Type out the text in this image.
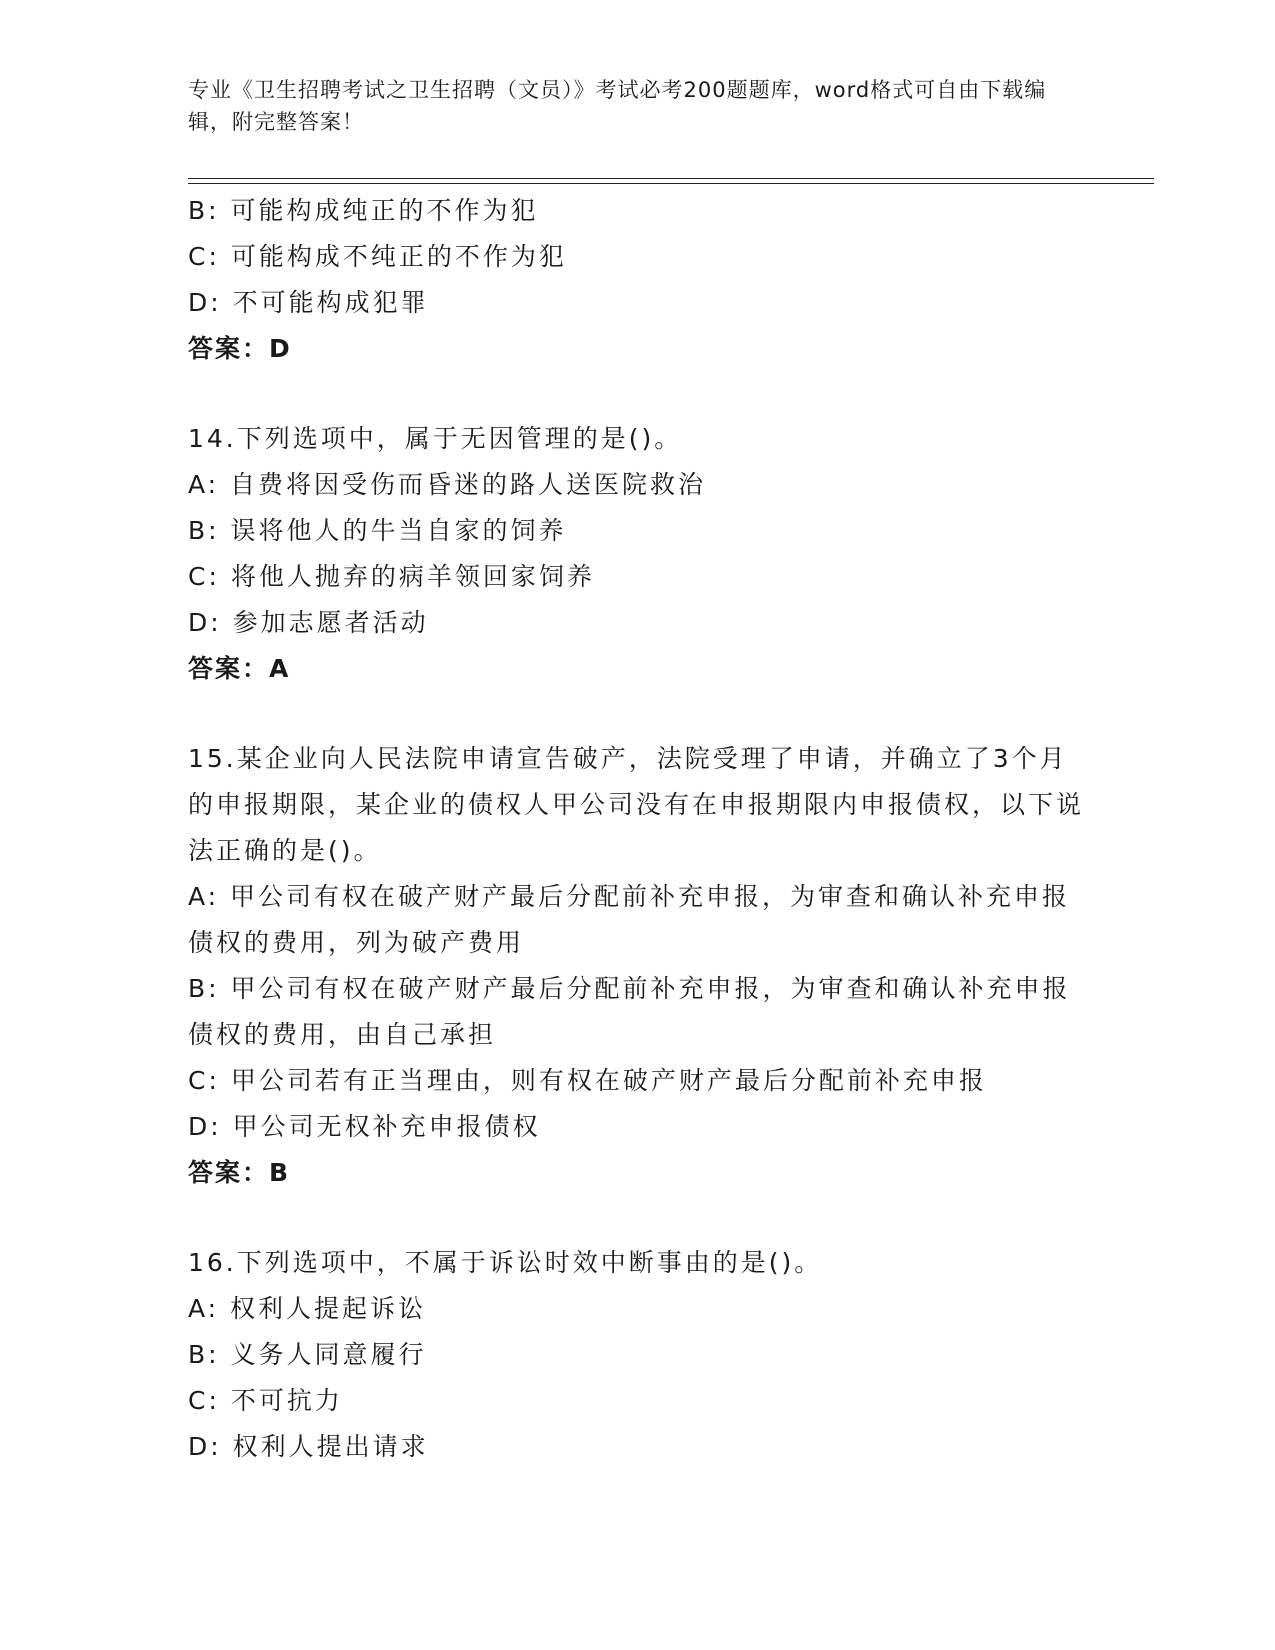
专业《卫生招聘考试之卫生招聘（文员）》考试必考200题题库，word格式可自由下载编辑，附完整答案！
B: 可能构成纯正的不作为犯
C: 可能构成不纯正的不作为犯
D: 不可能构成犯罪
答案：D
14.下列选项中，属于无因管理的是()。
A: 自费将因受伤而昏迷的路人送医院救治
B: 误将他人的牛当自家的饲养
C: 将他人抛弃的病羊领回家饲养
D: 参加志愿者活动
答案：A
15.某企业向人民法院申请宣告破产，法院受理了申请，并确立了3个月的申报期限，某企业的债权人甲公司没有在申报期限内申报债权，以下说法正确的是()。
A: 甲公司有权在破产财产最后分配前补充申报，为审查和确认补充申报债权的费用，列为破产费用
B: 甲公司有权在破产财产最后分配前补充申报，为审查和确认补充申报债权的费用，由自己承担
C: 甲公司若有正当理由，则有权在破产财产最后分配前补充申报
D: 甲公司无权补充申报债权
答案：B
16.下列选项中，不属于诉讼时效中断事由的是()。
A: 权利人提起诉讼
B: 义务人同意履行
C: 不可抗力
D: 权利人提出请求
